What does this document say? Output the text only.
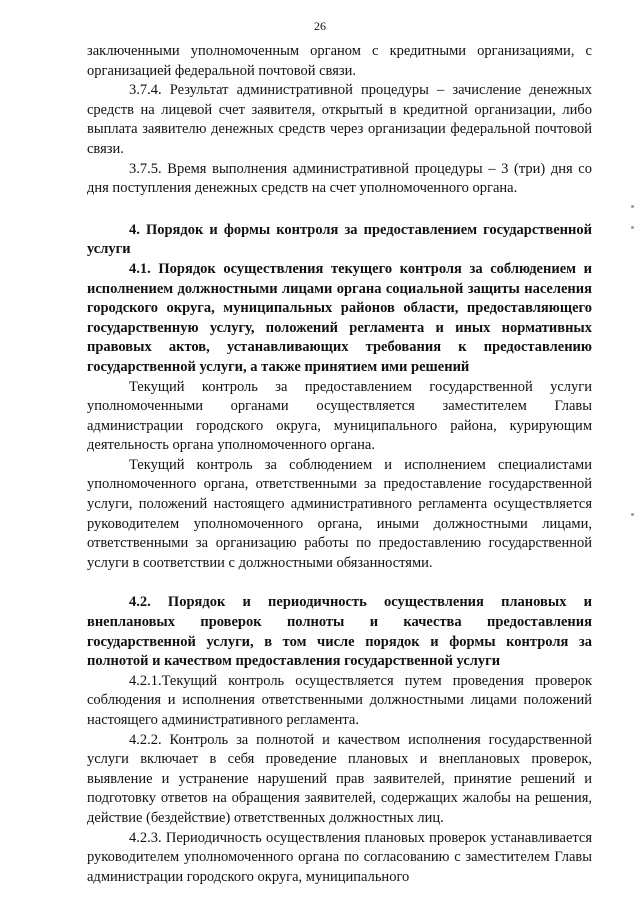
26

заключенными уполномоченным органом с кредитными организациями, с организацией федеральной почтовой связи.

3.7.4. Результат административной процедуры – зачисление денежных средств на лицевой счет заявителя, открытый в кредитной организации, либо выплата заявителю денежных средств через организации федеральной почтовой связи.

3.7.5. Время выполнения административной процедуры – 3 (три) дня со дня поступления денежных средств на счет уполномоченного органа.

4. Порядок и формы контроля за предоставлением государственной услуги

4.1. Порядок осуществления текущего контроля за соблюдением и исполнением должностными лицами органа социальной защиты населения городского округа, муниципальных районов области, предоставляющего государственную услугу, положений регламента и иных нормативных правовых актов, устанавливающих требования к предоставлению государственной услуги, а также принятием ими решений

Текущий контроль за предоставлением государственной услуги уполномоченными органами осуществляется заместителем Главы администрации городского округа, муниципального района, курирующим деятельность органа уполномоченного органа.

Текущий контроль за соблюдением и исполнением специалистами уполномоченного органа, ответственными за предоставление государственной услуги, положений настоящего административного регламента осуществляется руководителем уполномоченного органа, иными должностными лицами, ответственными за организацию работы по предоставлению государственной услуги в соответствии с должностными обязанностями.

4.2. Порядок и периодичность осуществления плановых и внеплановых проверок полноты и качества предоставления государственной услуги, в том числе порядок и формы контроля за полнотой и качеством предоставления государственной услуги

4.2.1.Текущий контроль осуществляется путем проведения проверок соблюдения и исполнения ответственными должностными лицами положений настоящего административного регламента.

4.2.2. Контроль за полнотой и качеством исполнения государственной услуги включает в себя проведение плановых и внеплановых проверок, выявление и устранение нарушений прав заявителей, принятие решений и подготовку ответов на обращения заявителей, содержащих жалобы на решения, действие (бездействие) ответственных должностных лиц.

4.2.3. Периодичность осуществления плановых проверок устанавливается руководителем уполномоченного органа по согласованию с заместителем Главы администрации городского округа, муниципального
